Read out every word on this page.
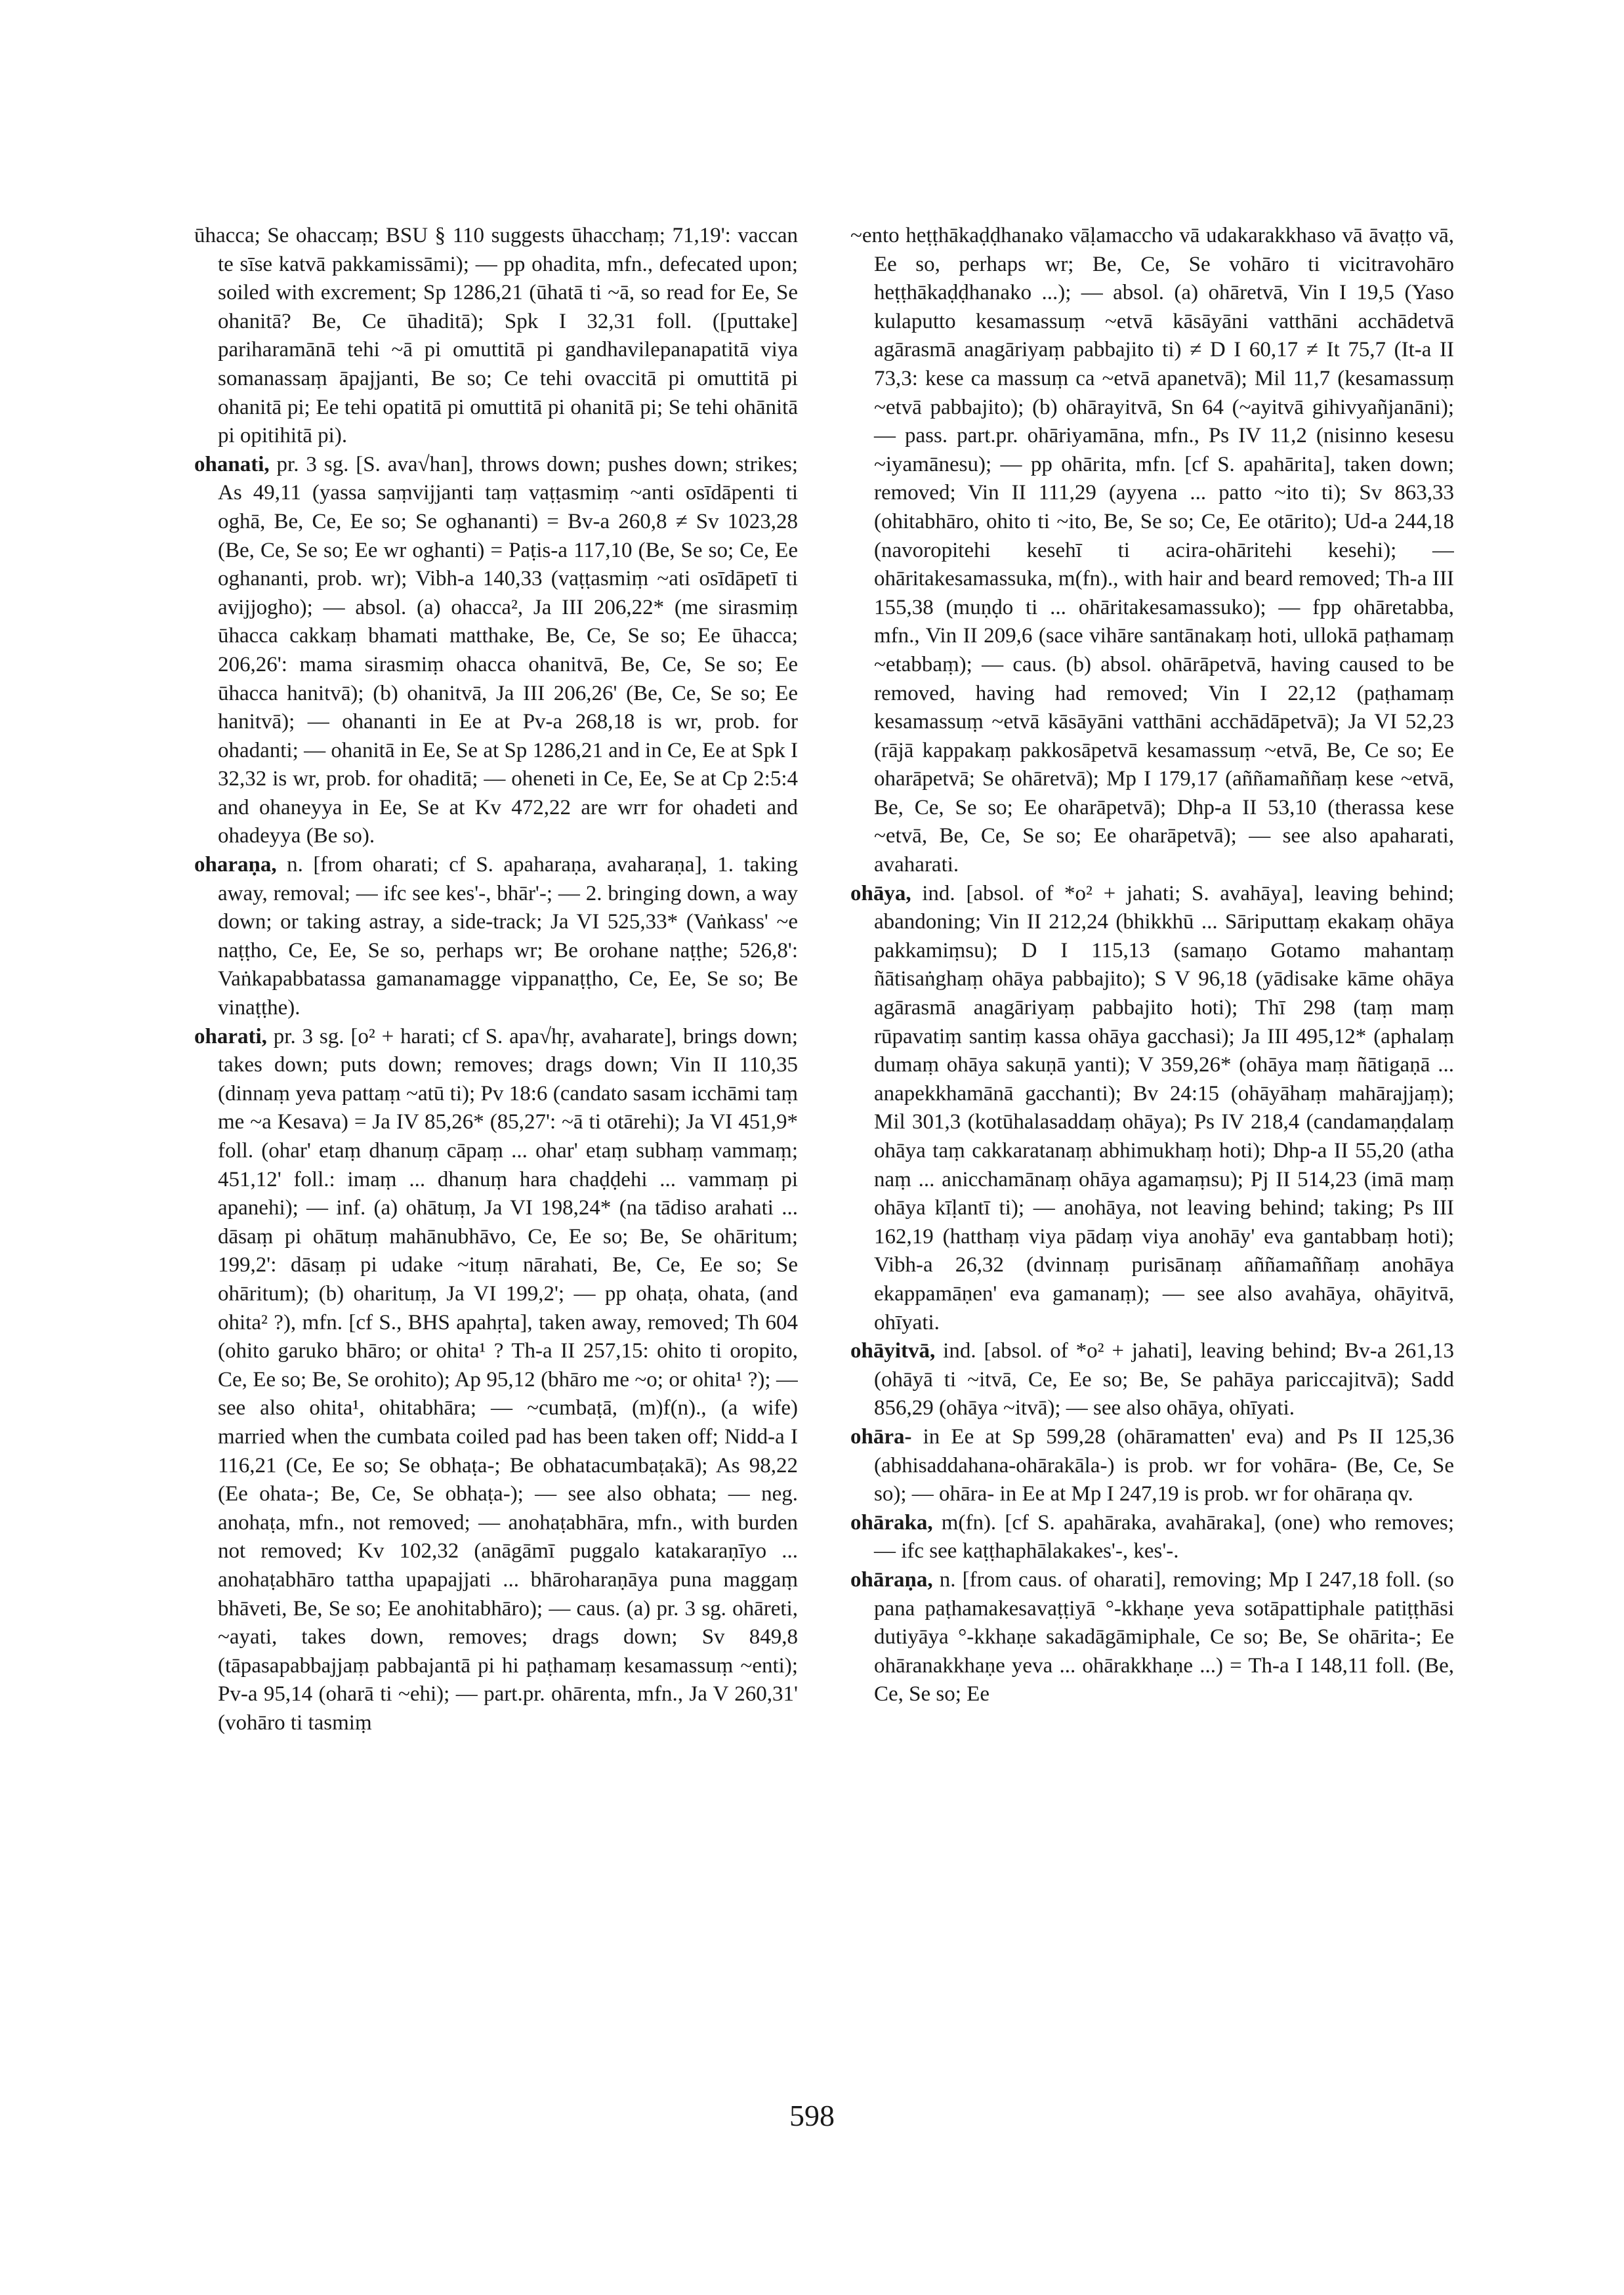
ūhacca; Se ohaccaṃ; BSU § 110 suggests ūhacchaṃ; 71,19': vaccan te sīse katvā pakkamissāmi); — pp ohadita, mfn., defecated upon; soiled with excrement; Sp 1286,21 (ūhatā ti ~ā, so read for Ee, Se ohanitā? Be, Ce ūhaditā); Spk I 32,31 foll. ([puttake] pariharamānā tehi ~ā pi omuttitā pi gandhavilepanapatitā viya somanassaṃ āpajjanti, Be so; Ce tehi ovaccitā pi omuttitā pi ohanitā pi; Ee tehi opatitā pi omuttitā pi ohanitā pi; Se tehi ohānitā pi opitihitā pi).

ohanati, pr. 3 sg. [S. ava√han], throws down; pushes down; strikes; As 49,11 (yassa saṃvijjanti taṃ vaṭṭasmiṃ ~anti osīdāpenti ti oghā, Be, Ce, Ee so; Se oghananti) = Bv-a 260,8 ≠ Sv 1023,28 (Be, Ce, Se so; Ee wr oghanti) = Paṭis-a 117,10 (Be, Se so; Ce, Ee oghananti, prob. wr); Vibh-a 140,33 (vaṭṭasmiṃ ~ati osīdāpetī ti avijjogho); — absol. (a) ohacca², Ja III 206,22* (me sirasmiṃ ūhacca cakkaṃ bhamati matthake, Be, Ce, Se so; Ee ūhacca; 206,26': mama sirasmiṃ ohacca ohanitvā, Be, Ce, Se so; Ee ūhacca hanitvā); (b) ohanitvā, Ja III 206,26' (Be, Ce, Se so; Ee hanitvā); — ohananti in Ee at Pv-a 268,18 is wr, prob. for ohadanti; — ohanitā in Ee, Se at Sp 1286,21 and in Ce, Ee at Spk I 32,32 is wr, prob. for ohaditā; — oheneti in Ce, Ee, Se at Cp 2:5:4 and ohaneyya in Ee, Se at Kv 472,22 are wrr for ohadeti and ohadeyya (Be so).

oharaṇa, n. [from oharati; cf S. apaharaṇa, avaharaṇa], 1. taking away, removal; — ifc see kes'-, bhār'-; — 2. bringing down, a way down; or taking astray, a side-track; Ja VI 525,33* (Vaṅkass' ~e naṭṭho, Ce, Ee, Se so, perhaps wr; Be orohane naṭṭhe; 526,8': Vaṅkapabbatassa gamanamagge vippanaṭṭho, Ce, Ee, Se so; Be vinaṭṭhe).

oharati, pr. 3 sg. [o² + harati; cf S. apa√hṛ, avaharate], brings down; takes down; puts down; removes; drags down; Vin II 110,35 (dinnaṃ yeva pattaṃ ~atū ti); Pv 18:6 (candato sasam icchāmi taṃ me ~a Kesava) = Ja IV 85,26* (85,27': ~ā ti otārehi); Ja VI 451,9* foll. (ohar' etaṃ dhanuṃ cāpaṃ ... ohar' etaṃ subhaṃ vammaṃ; 451,12' foll.: imaṃ ... dhanuṃ hara chaḍḍehi ... vammaṃ pi apanehi); — inf. (a) ohātuṃ, Ja VI 198,24* (na tādiso arahati ... dāsaṃ pi ohātuṃ mahānubhāvo, Ce, Ee so; Be, Se ohāritum; 199,2': dāsaṃ pi udake ~ituṃ nārahati, Be, Ce, Ee so; Se ohāritum); (b) oharituṃ, Ja VI 199,2'; — pp ohaṭa, ohata, (and ohita² ?), mfn. [cf S., BHS apahṛta], taken away, removed; Th 604 (ohito garuko bhāro; or ohita¹ ? Th-a II 257,15: ohito ti oropito, Ce, Ee so; Be, Se orohito); Ap 95,12 (bhāro me ~o; or ohita¹ ?); — see also ohita¹, ohitabhāra; — ~cumbaṭā, (m)f(n)., (a wife) married when the cumbata coiled pad has been taken off; Nidd-a I 116,21 (Ce, Ee so; Se obhaṭa-; Be obhatacumbaṭakā); As 98,22 (Ee ohata-; Be, Ce, Se obhaṭa-); — see also obhata; — neg. anohaṭa, mfn., not removed; — anohaṭabhāra, mfn., with burden not removed; Kv 102,32 (anāgāmī puggalo katakaraṇīyo ... anohaṭabhāro tattha upapajjati ... bhāroharaṇāya puna maggaṃ bhāveti, Be, Se so; Ee anohitabhāro); — caus. (a) pr. 3 sg. ohāreti, ~ayati, takes down, removes; drags down; Sv 849,8 (tāpasapabbajjaṃ pabbajantā pi hi paṭhamaṃ kesamassuṃ ~enti); Pv-a 95,14 (oharā ti ~ehi); — part.pr. ohārenta, mfn., Ja V 260,31' (vohāro ti tasmiṃ

~ento heṭṭhākaḍḍhanako vāḷamaccho vā udakarakkhaso vā āvaṭṭo vā, Ee so, perhaps wr; Be, Ce, Se vohāro ti vicitravohāro heṭṭhākaḍḍhanako ...); — absol. (a) ohāretvā, Vin I 19,5 (Yaso kulaputto kesamassuṃ ~etvā kāsāyāni vatthāni acchādetvā agārasmā anagāriyaṃ pabbajito ti) ≠ D I 60,17 ≠ It 75,7 (It-a II 73,3: kese ca massuṃ ca ~etvā apanetvā); Mil 11,7 (kesamassuṃ ~etvā pabbajito); (b) ohārayitvā, Sn 64 (~ayitvā gihivyañjanāni); — pass. part.pr. ohāriyamāna, mfn., Ps IV 11,2 (nisinno kesesu ~iyamānesu); — pp ohārita, mfn. [cf S. apahārita], taken down; removed; Vin II 111,29 (ayyena ... patto ~ito ti); Sv 863,33 (ohitabhāro, ohito ti ~ito, Be, Se so; Ce, Ee otārito); Ud-a 244,18 (navoropitehi kesehī ti acira-ohāritehi kesehi); — ohāritakesamassuka, m(fn)., with hair and beard removed; Th-a III 155,38 (muṇḍo ti ... ohāritakesamassuko); — fpp ohāretabba, mfn., Vin II 209,6 (sace vihāre santānakaṃ hoti, ullokā paṭhamaṃ ~etabbaṃ); — caus. (b) absol. ohārāpetvā, having caused to be removed, having had removed; Vin I 22,12 (paṭhamaṃ kesamassuṃ ~etvā kāsāyāni vatthāni acchādāpetvā); Ja VI 52,23 (rājā kappakaṃ pakkosāpetvā kesamassuṃ ~etvā, Be, Ce so; Ee oharāpetvā; Se ohāretvā); Mp I 179,17 (aññamaññaṃ kese ~etvā, Be, Ce, Se so; Ee oharāpetvā); Dhp-a II 53,10 (therassa kese ~etvā, Be, Ce, Se so; Ee oharāpetvā); — see also apaharati, avaharati.

ohāya, ind. [absol. of *o² + jahati; S. avahāya], leaving behind; abandoning; Vin II 212,24 (bhikkhū ... Sāriputtaṃ ekakaṃ ohāya pakkamiṃsu); D I 115,13 (samaṇo Gotamo mahantaṃ ñātisaṅghaṃ ohāya pabbajito); S V 96,18 (yādisake kāme ohāya agārasmā anagāriyaṃ pabbajito hoti); Thī 298 (taṃ maṃ rūpavatiṃ santiṃ kassa ohāya gacchasi); Ja III 495,12* (aphalaṃ dumaṃ ohāya sakuṇā yanti); V 359,26* (ohāya maṃ ñātigaṇā ... anapekkhamānā gacchanti); Bv 24:15 (ohāyāhaṃ mahārajjaṃ); Mil 301,3 (kotūhalasaddaṃ ohāya); Ps IV 218,4 (candamaṇḍalaṃ ohāya taṃ cakkaratanaṃ abhimukhaṃ hoti); Dhp-a II 55,20 (atha naṃ ... anicchamānaṃ ohāya agamaṃsu); Pj II 514,23 (imā maṃ ohāya kīḷantī ti); — anohāya, not leaving behind; taking; Ps III 162,19 (hatthaṃ viya pādaṃ viya anohāy' eva gantabbaṃ hoti); Vibh-a 26,32 (dvinnaṃ purisānaṃ aññamaññaṃ anohāya ekappamāṇen' eva gamanaṃ); — see also avahāya, ohāyitvā, ohīyati.

ohāyitvā, ind. [absol. of *o² + jahati], leaving behind; Bv-a 261,13 (ohāyā ti ~itvā, Ce, Ee so; Be, Se pahāya pariccajitvā); Sadd 856,29 (ohāya ~itvā); — see also ohāya, ohīyati.

ohāra- in Ee at Sp 599,28 (ohāramatten' eva) and Ps II 125,36 (abhisaddahana-ohārakāla-) is prob. wr for vohāra- (Be, Ce, Se so); — ohāra- in Ee at Mp I 247,19 is prob. wr for ohāraṇa qv.

ohāraka, m(fn). [cf S. apahāraka, avahāraka], (one) who removes; — ifc see kaṭṭhaphālakakes'-, kes'-.

ohāraṇa, n. [from caus. of oharati], removing; Mp I 247,18 foll. (so pana paṭhamakesavaṭṭiyā °-kkhaṇe yeva sotāpattiphale patiṭṭhāsi dutiyāya °-kkhaṇe sakadāgāmiphale, Ce so; Be, Se ohārita-; Ee ohāranakkhaṇe yeva ... ohārakkhaṇe ...) = Th-a I 148,11 foll. (Be, Ce, Se so; Ee

598
